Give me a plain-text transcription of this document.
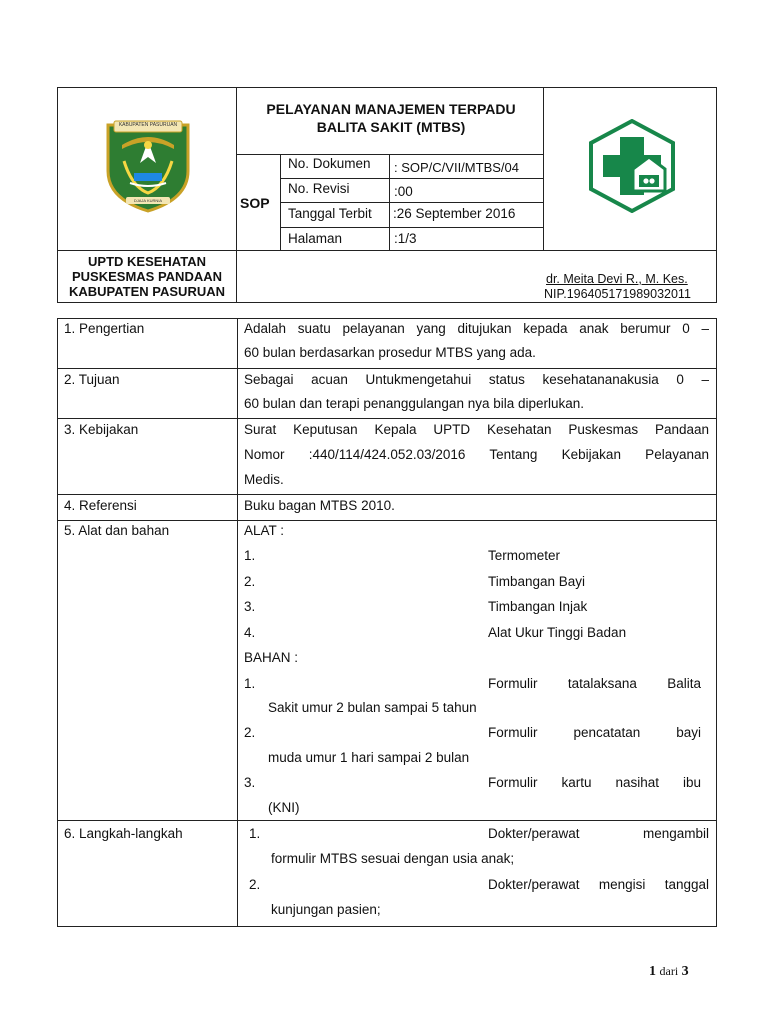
KABUPATEN PASURUAN
DJAJA KURNIA
PELAYANAN MANAJEMEN TERPADU
BALITA SAKIT (MTBS)
SOP
No. Dokumen : SOP/C/VII/MTBS/04
No. Revisi	:00
Tanggal Terbit :26 September 2016
Halaman	:1/3
UPTD KESEHATAN
PUSKESMAS PANDAAN
KABUPATEN PASURUAN
dr. Meita Devi R., M. Kes.
NIP.196405171989032011
1. Pengertian	Adalah suatu pelayanan yang ditujukan kepada anak berumur 0 –
60 bulan berdasarkan prosedur MTBS yang ada.
2. Tujuan	Sebagai acuan Untukmengetahui status kesehatananakusia 0 –
60 bulan dan terapi penanggulangan nya bila diperlukan.
3. Kebijakan	Surat Keputusan Kepala UPTD Kesehatan Puskesmas Pandaan
Nomor :440/114/424.052.03/2016 Tentang Kebijakan Pelayanan
Medis.
4. Referensi	Buku bagan MTBS 2010.
5. Alat dan bahan	ALAT :
1.	Termometer
2.	Timbangan Bayi
3.	Timbangan Injak
4.	Alat Ukur Tinggi Badan
BAHAN :
1.	Formulir tatalaksana Balita
Sakit umur 2 bulan sampai 5 tahun
2.	Formulir pencatatan bayi
muda umur 1 hari sampai 2 bulan
3.	Formulir kartu nasihat ibu
(KNI)
6. Langkah-langkah	1.	Dokter/perawat mengambil
formulir MTBS sesuai dengan usia anak;
2.	Dokter/perawat mengisi tanggal
kunjungan pasien;
1 dari 3
